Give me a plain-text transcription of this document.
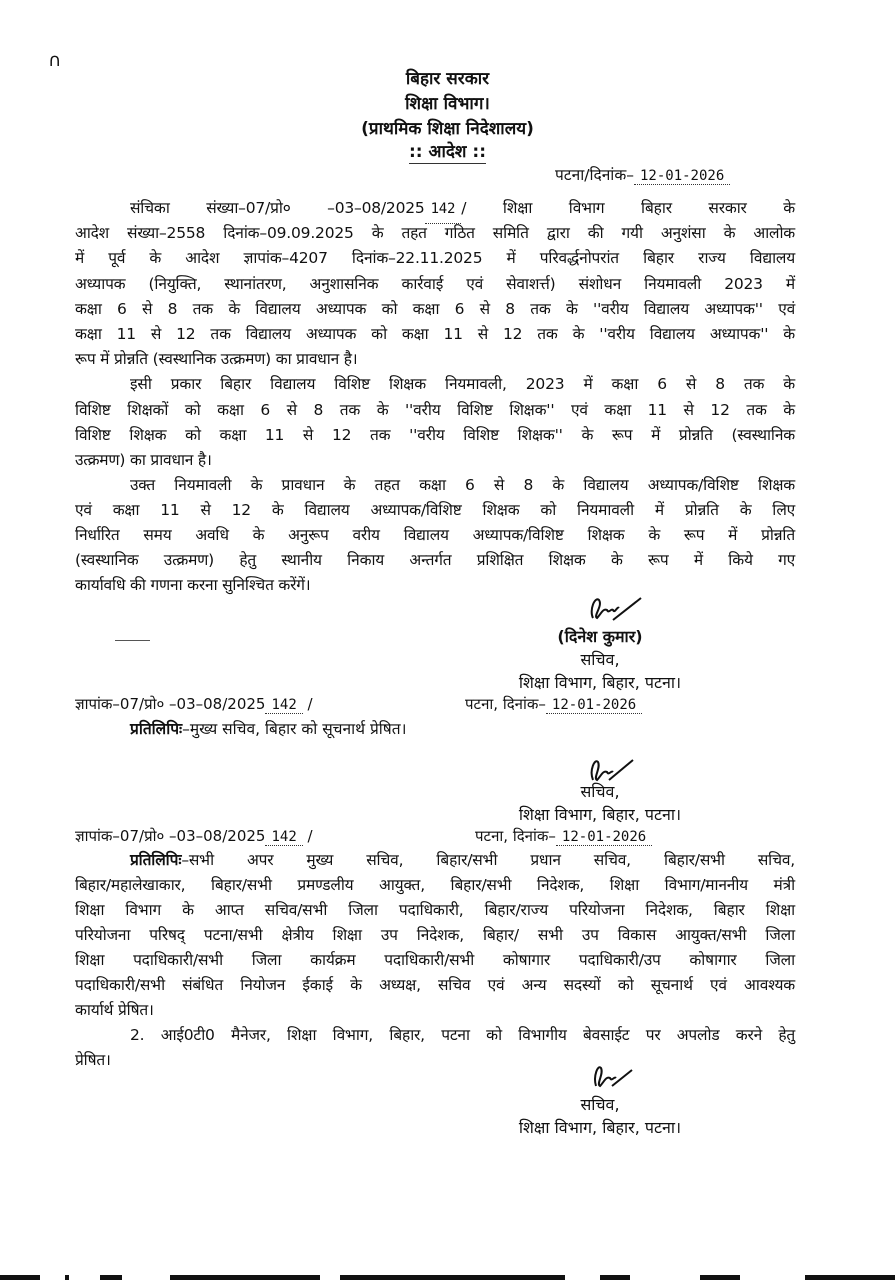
∩
बिहार सरकार
शिक्षा विभाग।
(प्राथमिक शिक्षा निदेशालय)
:: आदेश ::
पटना/दिनांक– 12-01-2026
संचिका संख्या–07/प्रो० –03–08/2025 142 / शिक्षा विभाग बिहार सरकार के
आदेश संख्या–2558 दिनांक–09.09.2025 के तहत गठित समिति द्वारा की गयी अनुशंसा के आलोक
में पूर्व के आदेश ज्ञापांक–4207 दिनांक–22.11.2025 में परिवर्द्धनोपरांत बिहार राज्य विद्यालय
अध्यापक (नियुक्ति, स्थानांतरण, अनुशासनिक कार्रवाई एवं सेवाशर्त्त) संशोधन नियमावली 2023 में
कक्षा 6 से 8 तक के विद्यालय अध्यापक को कक्षा 6 से 8 तक के ''वरीय विद्यालय अध्यापक'' एवं
कक्षा 11 से 12 तक विद्यालय अध्यापक को कक्षा 11 से 12 तक के ''वरीय विद्यालय अध्यापक'' के
रूप में प्रोन्नति (स्वस्थानिक उत्क्रमण) का प्रावधान है।
इसी प्रकार बिहार विद्यालय विशिष्ट शिक्षक नियमावली, 2023 में कक्षा 6 से 8 तक के
विशिष्ट शिक्षकों को कक्षा 6 से 8 तक के ''वरीय विशिष्ट शिक्षक'' एवं कक्षा 11 से 12 तक के
विशिष्ट शिक्षक को कक्षा 11 से 12 तक ''वरीय विशिष्ट शिक्षक'' के रूप में प्रोन्नति (स्वस्थानिक
उत्क्रमण) का प्रावधान है।
उक्त नियमावली के प्रावधान के तहत कक्षा 6 से 8 के विद्यालय अध्यापक/विशिष्ट शिक्षक
एवं कक्षा 11 से 12 के विद्यालय अध्यापक/विशिष्ट शिक्षक को नियमावली में प्रोन्नति के लिए
निर्धारित समय अवधि के अनुरूप वरीय विद्यालय अध्यापक/विशिष्ट शिक्षक के रूप में प्रोन्नति
(स्वस्थानिक उत्क्रमण) हेतु स्थानीय निकाय अन्तर्गत प्रशिक्षित शिक्षक के रूप में किये गए
कार्यावधि की गणना करना सुनिश्चित करेंगें।
(दिनेश कुमार)
सचिव,
शिक्षा विभाग, बिहार, पटना।
ज्ञापांक–07/प्रो० –03–08/2025 142 /	पटना, दिनांक– 12-01-2026
प्रतिलिपिः–मुख्य सचिव, बिहार को सूचनार्थ प्रेषित।
सचिव,
शिक्षा विभाग, बिहार, पटना।
ज्ञापांक–07/प्रो० –03–08/2025 142 /	पटना, दिनांक– 12-01-2026
प्रतिलिपिः–सभी अपर मुख्य सचिव, बिहार/सभी प्रधान सचिव, बिहार/सभी सचिव,
बिहार/महालेखाकार, बिहार/सभी प्रमण्डलीय आयुक्त, बिहार/सभी निदेशक, शिक्षा विभाग/माननीय मंत्री
शिक्षा विभाग के आप्त सचिव/सभी जिला पदाधिकारी, बिहार/राज्य परियोजना निदेशक, बिहार शिक्षा
परियोजना परिषद् पटना/सभी क्षेत्रीय शिक्षा उप निदेशक, बिहार/ सभी उप विकास आयुक्त/सभी जिला
शिक्षा पदाधिकारी/सभी जिला कार्यक्रम पदाधिकारी/सभी कोषागार पदाधिकारी/उप कोषागार जिला
पदाधिकारी/सभी संबंधित नियोजन ईकाई के अध्यक्ष, सचिव एवं अन्य सदस्यों को सूचनार्थ एवं आवश्यक
कार्यार्थ प्रेषित।
2. आई0टी0 मैनेजर, शिक्षा विभाग, बिहार, पटना को विभागीय बेवसाईट पर अपलोड करने हेतु
प्रेषित।
सचिव,
शिक्षा विभाग, बिहार, पटना।
